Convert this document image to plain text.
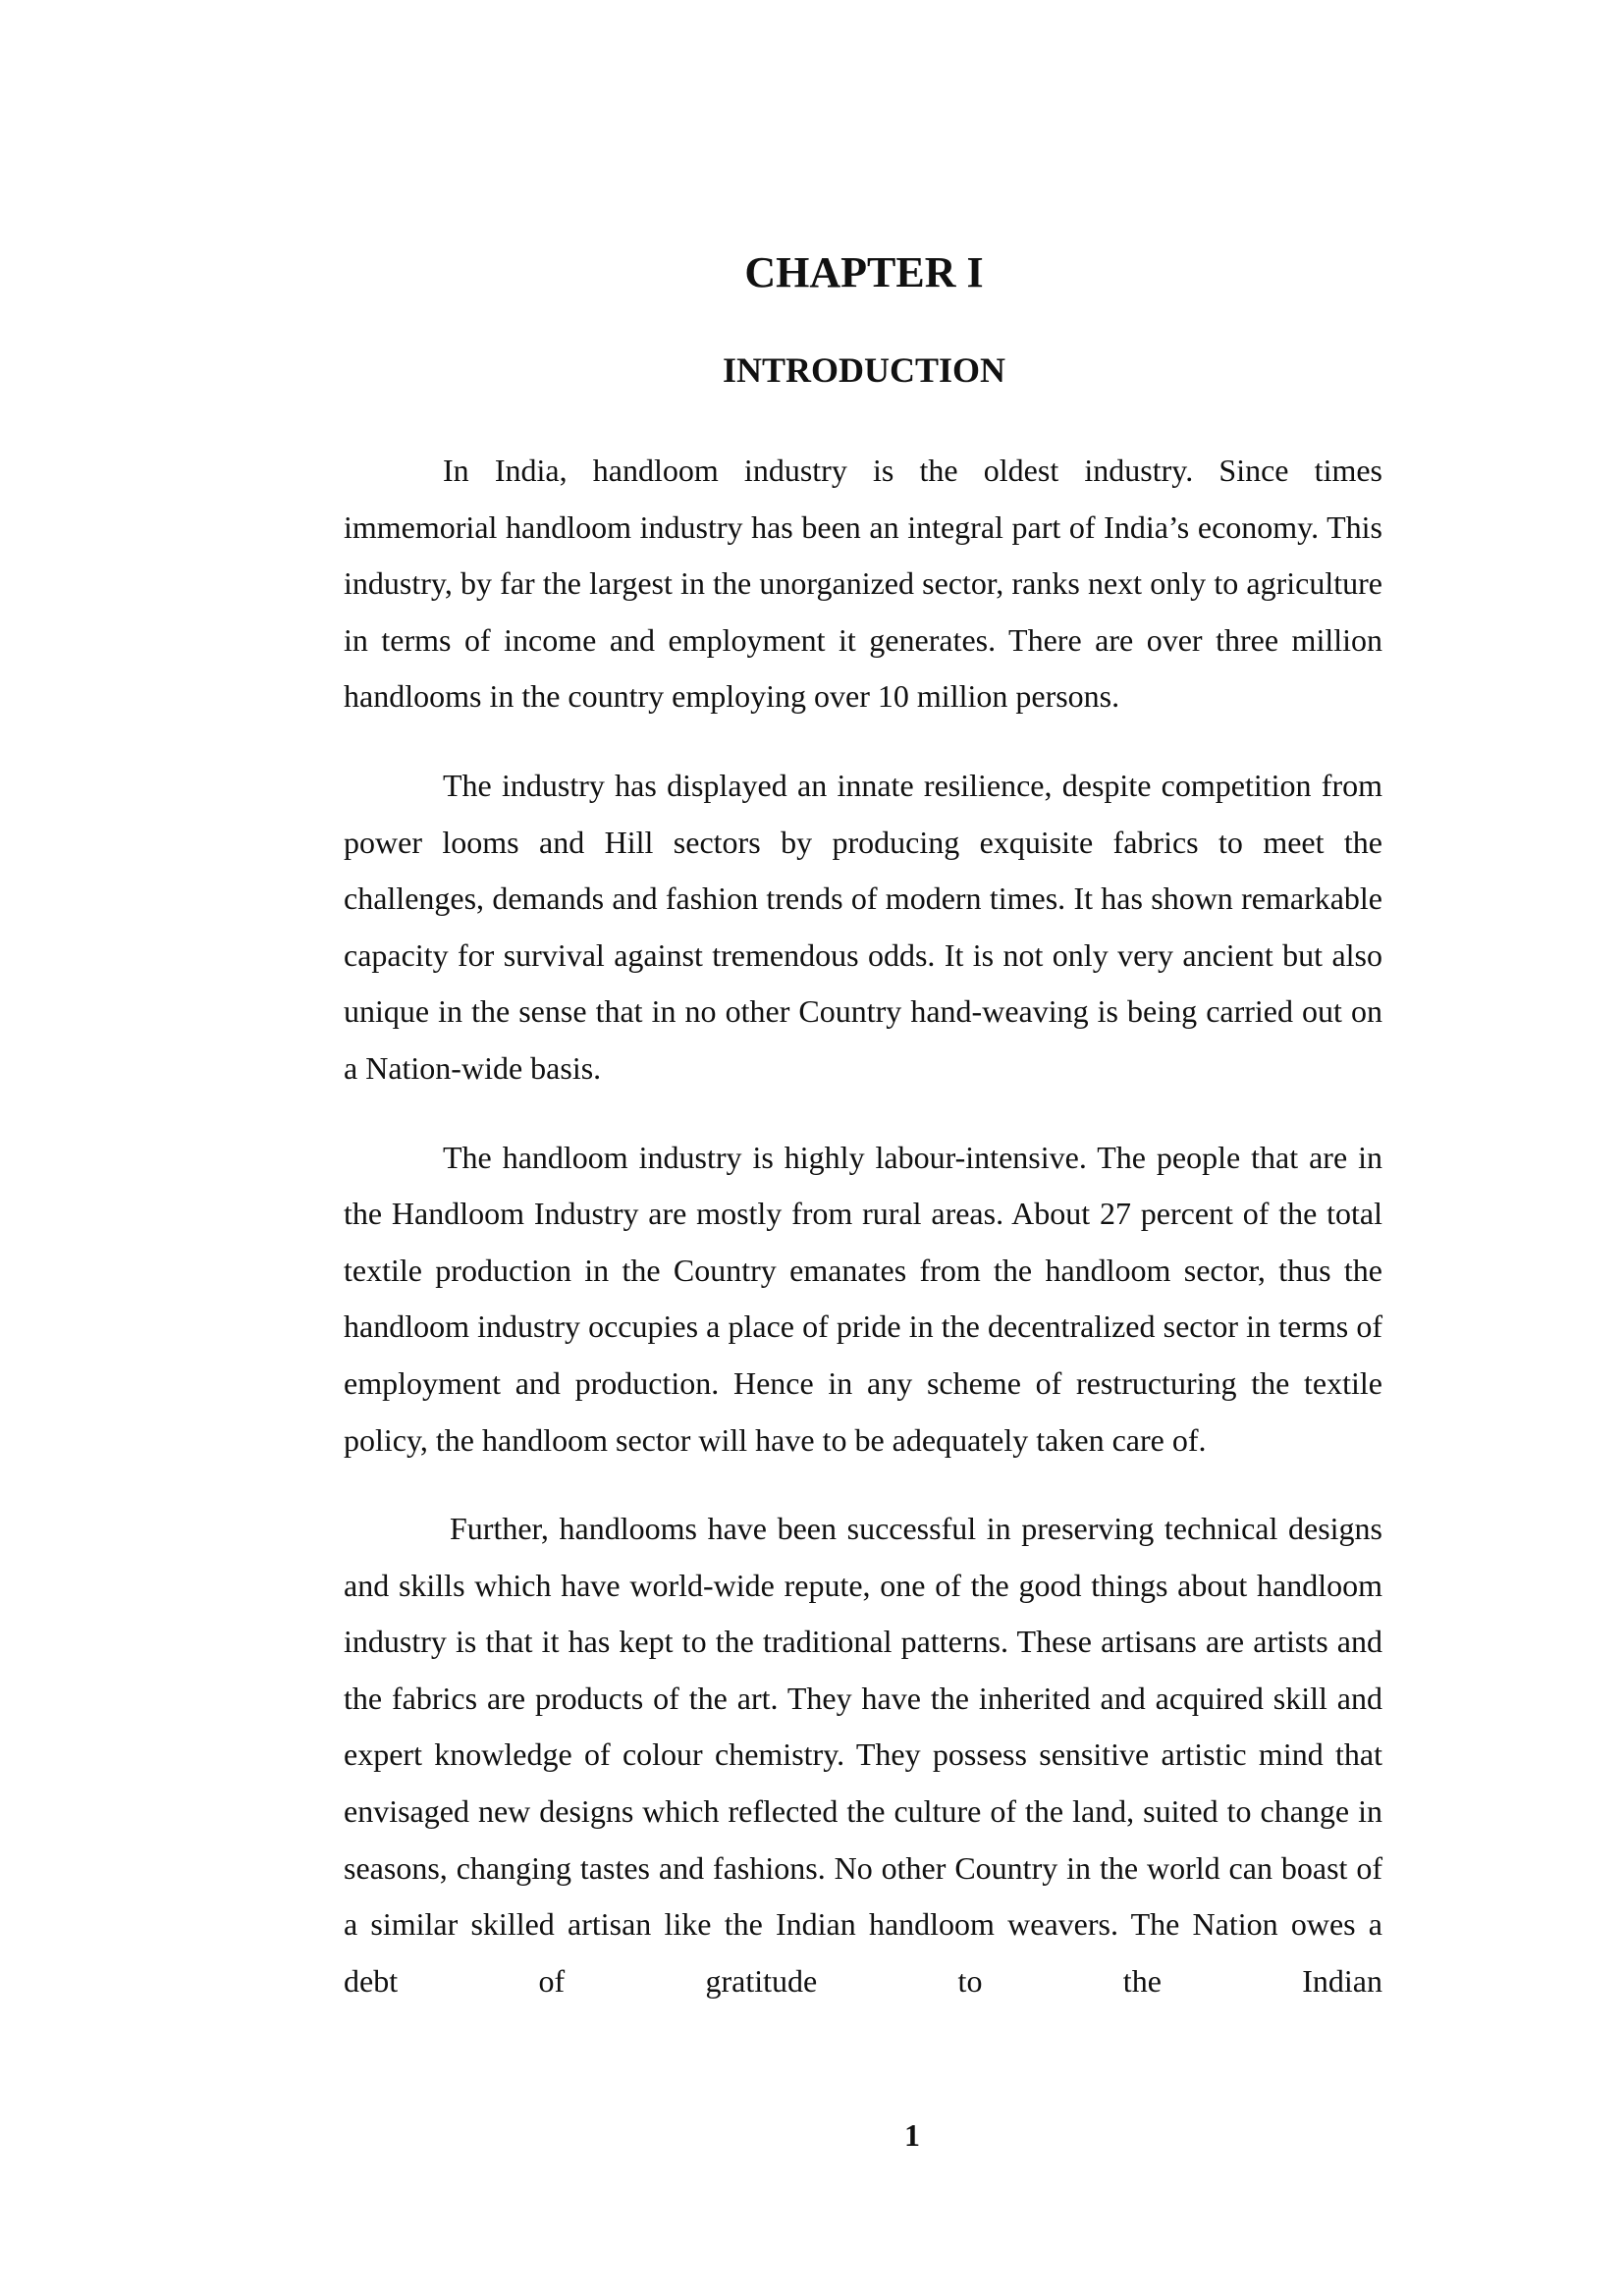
CHAPTER I
INTRODUCTION

In India, handloom industry is the oldest industry. Since times immemorial handloom industry has been an integral part of India’s economy. This industry, by far the largest in the unorganized sector, ranks next only to agriculture in terms of income and employment it generates. There are over three million handlooms in the country employing over 10 million persons.

The industry has displayed an innate resilience, despite competition from power looms and Hill sectors by producing exquisite fabrics to meet the challenges, demands and fashion trends of modern times. It has shown remarkable capacity for survival against tremendous odds. It is not only very ancient but also unique in the sense that in no other Country hand-weaving is being carried out on a Nation-wide basis.

The handloom industry is highly labour-intensive. The people that are in the Handloom Industry are mostly from rural areas. About 27 percent of the total textile production in the Country emanates from the handloom sector, thus the handloom industry occupies a place of pride in the decentralized sector in terms of employment and production. Hence in any scheme of restructuring the textile policy, the handloom sector will have to be adequately taken care of.

Further, handlooms have been successful in preserving technical designs and skills which have world-wide repute, one of the good things about handloom industry is that it has kept to the traditional patterns. These artisans are artists and the fabrics are products of the art. They have the inherited and acquired skill and expert knowledge of colour chemistry. They possess sensitive artistic mind that envisaged new designs which reflected the culture of the land, suited to change in seasons, changing tastes and fashions. No other Country in the world can boast of a similar skilled artisan like the Indian handloom weavers. The Nation owes a debt of gratitude to the Indian

1
